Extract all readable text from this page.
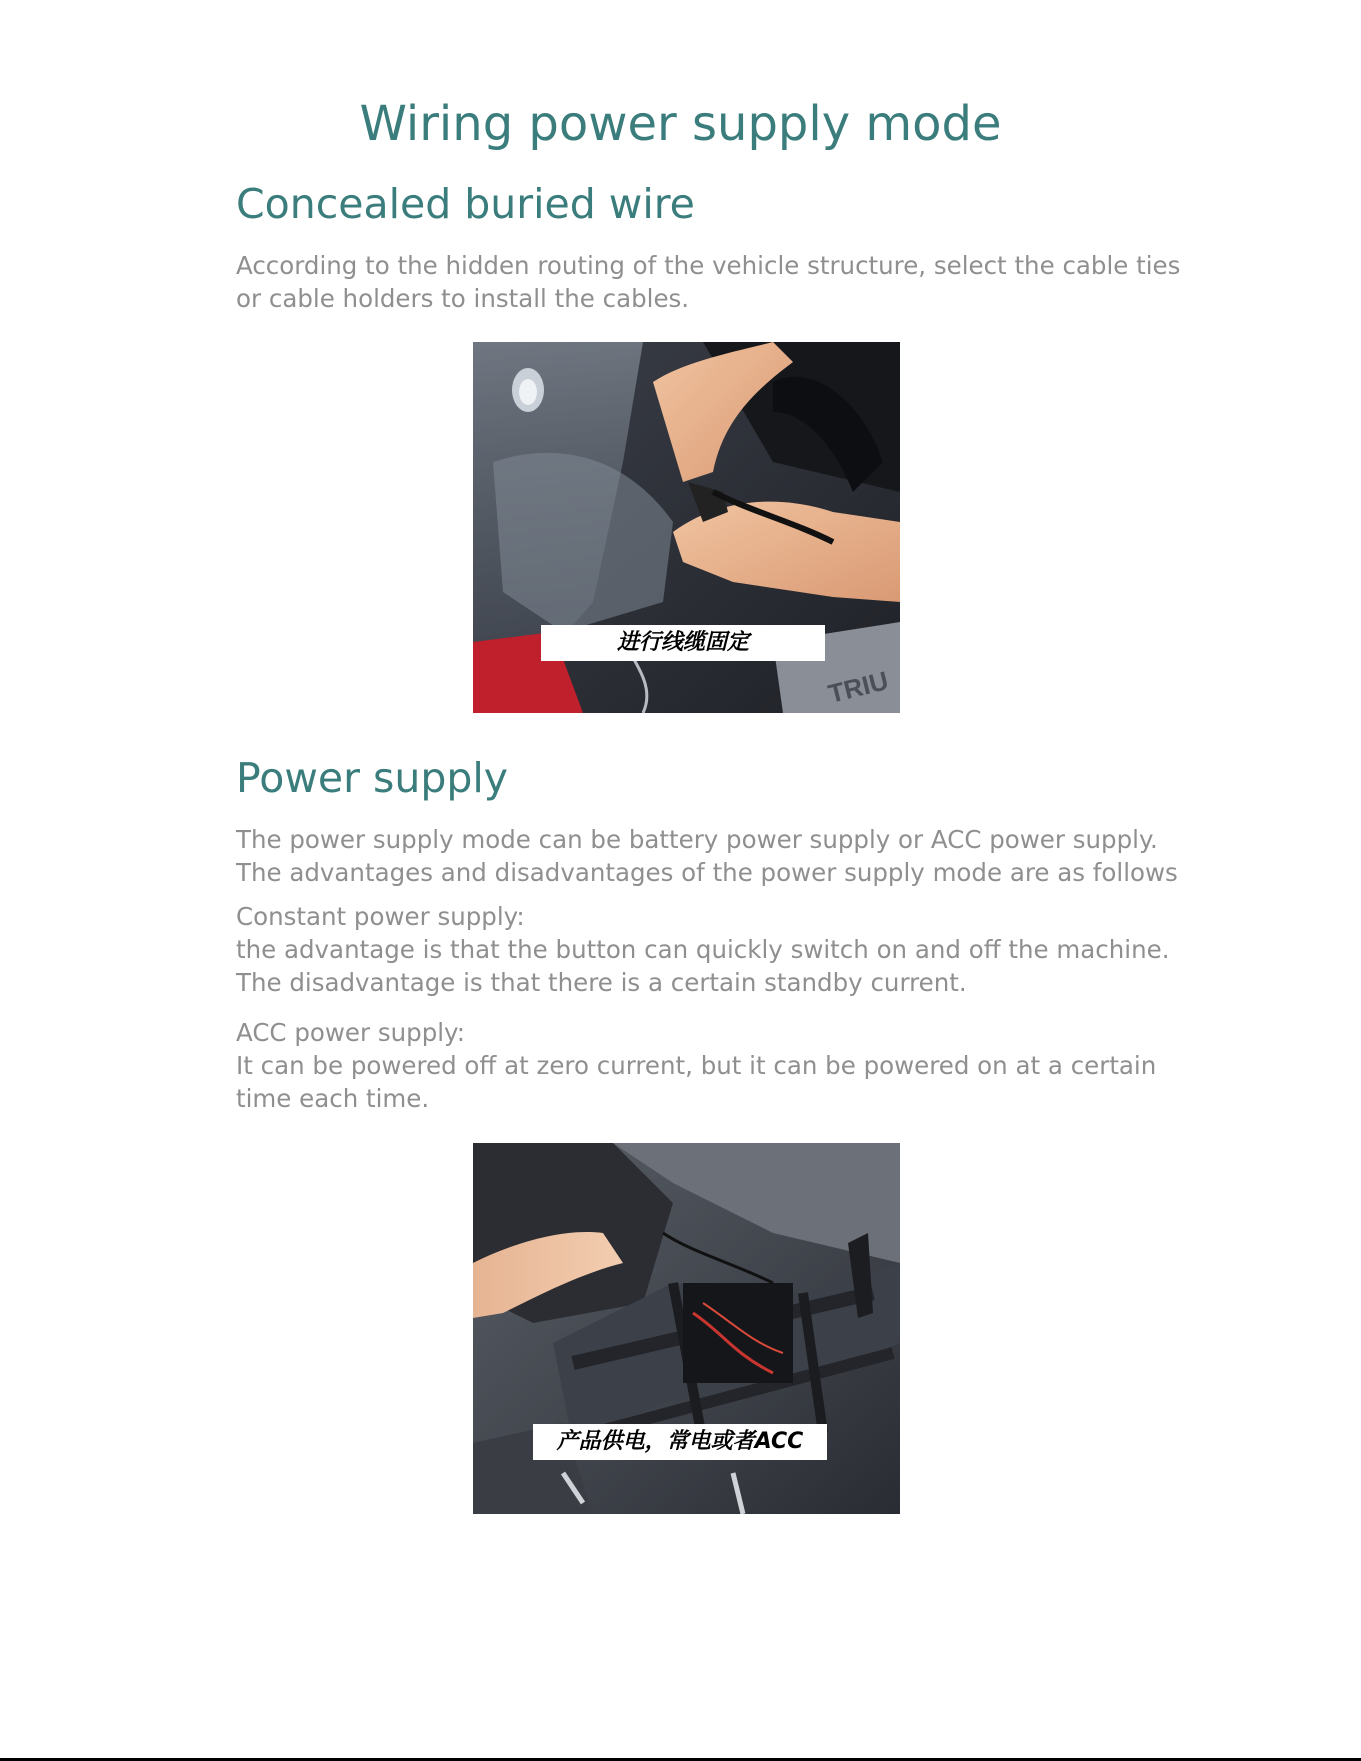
Wiring power supply mode
Concealed buried wire

According to the hidden routing of the vehicle structure, select the cable ties
or cable holders to install the cables.

进行线缆固定
TRIU
Power supply

The power supply mode can be battery power supply or ACC power supply.
The advantages and disadvantages of the power supply mode are as follows

Constant power supply:
the advantage is that the button can quickly switch on and off the machine.
The disadvantage is that there is a certain standby current.

ACC power supply:
It can be powered off at zero current, but it can be powered on at a certain
time each time.

产品供电，常电或者ACC
